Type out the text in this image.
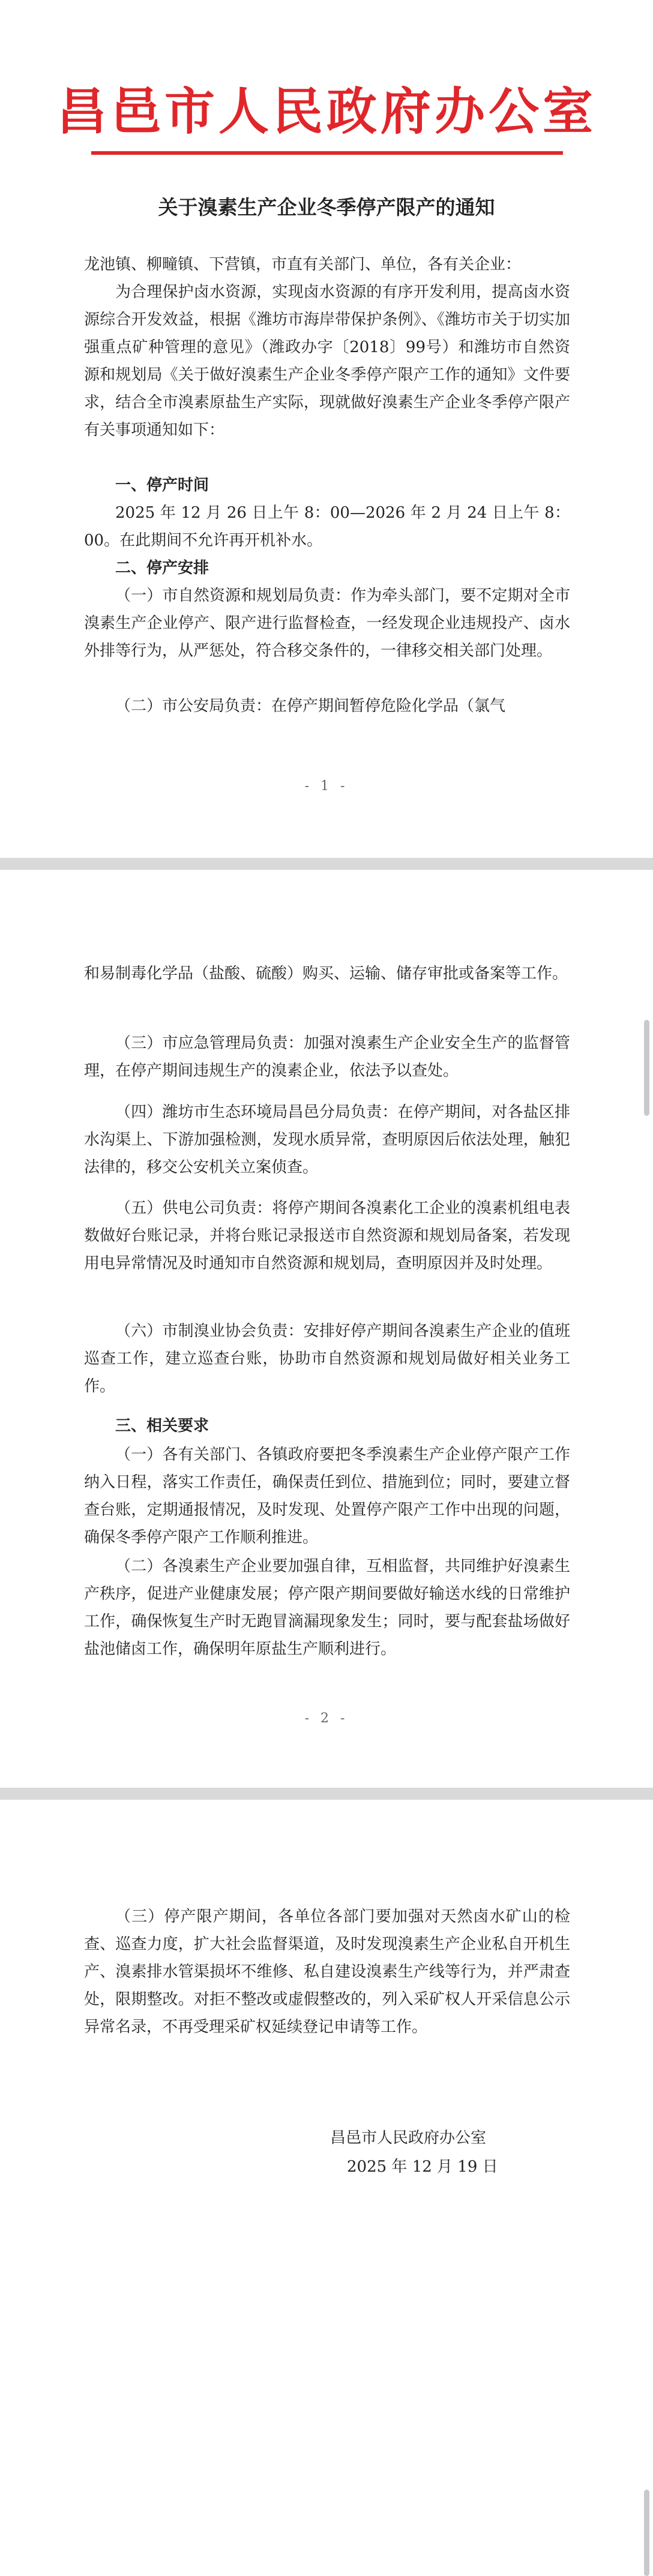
昌邑市人民政府办公室
关于溴素生产企业冬季停产限产的通知
龙池镇、柳疃镇、下营镇，市直有关部门、单位，各有关企业：
为合理保护卤水资源，实现卤水资源的有序开发利用，提高卤水资源综合开发效益，根据《潍坊市海岸带保护条例》、《潍坊市关于切实加强重点矿种管理的意见》（潍政办字〔2018〕99号）和潍坊市自然资源和规划局《关于做好溴素生产企业冬季停产限产工作的通知》文件要求，结合全市溴素原盐生产实际，现就做好溴素生产企业冬季停产限产有关事项通知如下：
一、停产时间
2025 年 12 月 26 日上午 8：00—2026 年 2 月 24 日上午 8：00。在此期间不允许再开机补水。
二、停产安排
（一）市自然资源和规划局负责：作为牵头部门，要不定期对全市溴素生产企业停产、限产进行监督检查，一经发现企业违规投产、卤水外排等行为，从严惩处，符合移交条件的，一律移交相关部门处理。
（二）市公安局负责：在停产期间暂停危险化学品（氯气
- 1 -
和易制毒化学品（盐酸、硫酸）购买、运输、储存审批或备案等工作。
（三）市应急管理局负责：加强对溴素生产企业安全生产的监督管理，在停产期间违规生产的溴素企业，依法予以查处。
（四）潍坊市生态环境局昌邑分局负责：在停产期间，对各盐区排水沟渠上、下游加强检测，发现水质异常，查明原因后依法处理，触犯法律的，移交公安机关立案侦查。
（五）供电公司负责：将停产期间各溴素化工企业的溴素机组电表数做好台账记录，并将台账记录报送市自然资源和规划局备案，若发现用电异常情况及时通知市自然资源和规划局，查明原因并及时处理。
（六）市制溴业协会负责：安排好停产期间各溴素生产企业的值班巡查工作，建立巡查台账，协助市自然资源和规划局做好相关业务工作。
三、相关要求
（一）各有关部门、各镇政府要把冬季溴素生产企业停产限产工作纳入日程，落实工作责任，确保责任到位、措施到位；同时，要建立督查台账，定期通报情况，及时发现、处置停产限产工作中出现的问题，确保冬季停产限产工作顺利推进。
（二）各溴素生产企业要加强自律，互相监督，共同维护好溴素生产秩序，促进产业健康发展；停产限产期间要做好输送水线的日常维护工作，确保恢复生产时无跑冒滴漏现象发生；同时，要与配套盐场做好盐池储卤工作，确保明年原盐生产顺利进行。
- 2 -
（三）停产限产期间，各单位各部门要加强对天然卤水矿山的检查、巡查力度，扩大社会监督渠道，及时发现溴素生产企业私自开机生产、溴素排水管渠损坏不维修、私自建设溴素生产线等行为，并严肃查处，限期整改。对拒不整改或虚假整改的，列入采矿权人开采信息公示异常名录，不再受理采矿权延续登记申请等工作。
昌邑市人民政府办公室
2025 年 12 月 19 日
